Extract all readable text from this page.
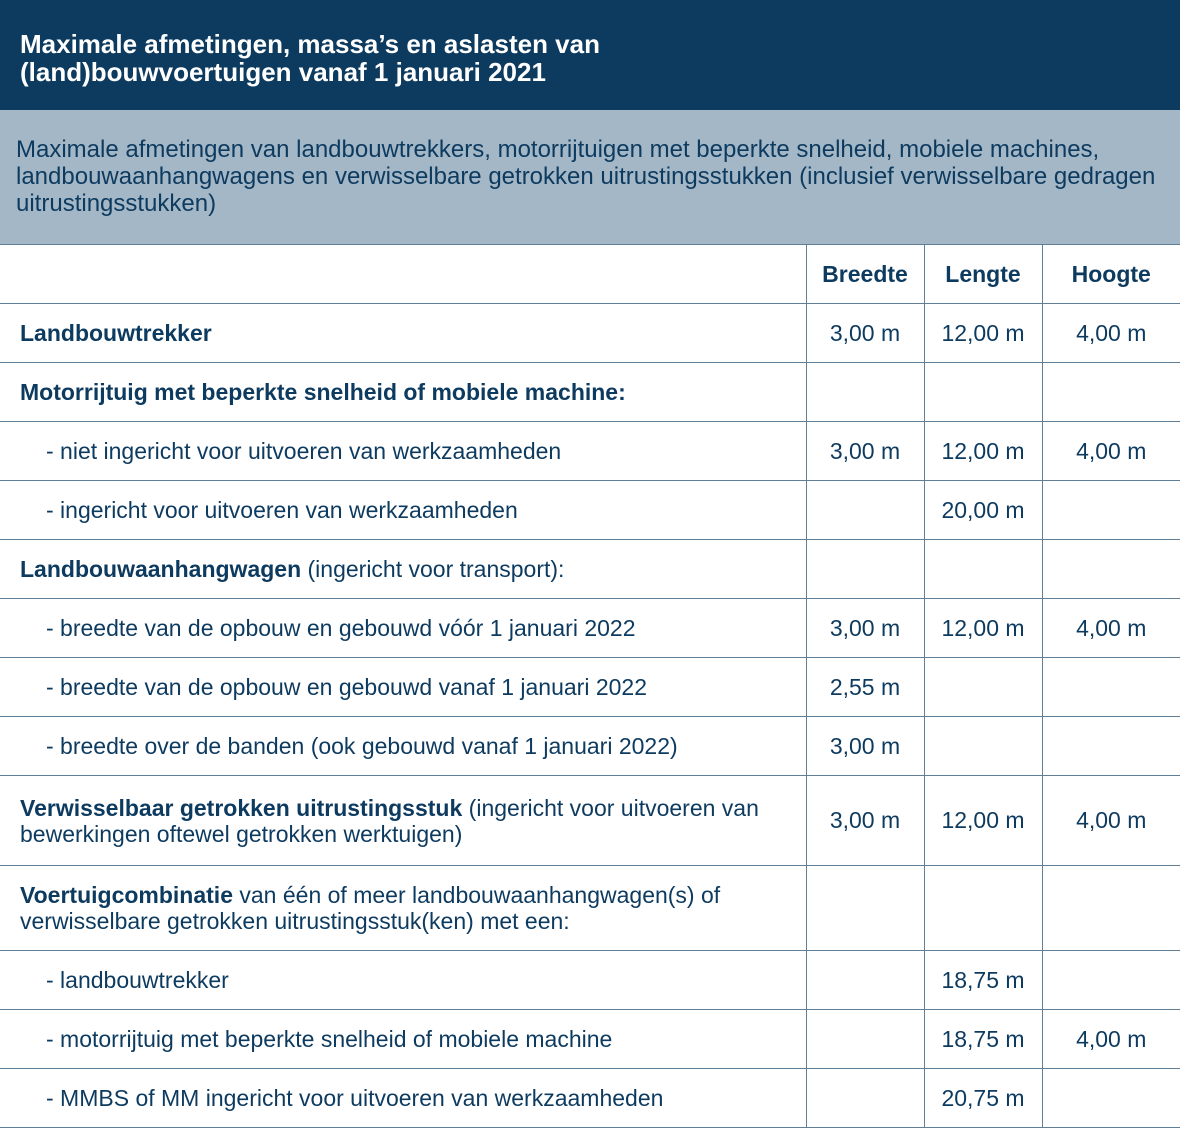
Maximale afmetingen, massa’s en aslasten van
(land)bouwvoertuigen vanaf 1 januari 2021
Maximale afmetingen van landbouwtrekkers, motorrijtuigen met beperkte snelheid, mobiele machines, landbouwaanhangwagens en verwisselbare getrokken uitrustingsstukken (inclusief verwisselbare gedragen uitrustingsstukken)
	Breedte	Lengte	Hoogte
Landbouwtrekker	3,00 m	12,00 m	4,00 m
Motorrijtuig met beperkte snelheid of mobiele machine:			
- niet ingericht voor uitvoeren van werkzaamheden	3,00 m	12,00 m	4,00 m
- ingericht voor uitvoeren van werkzaamheden		20,00 m	
Landbouwaanhangwagen (ingericht voor transport):			
- breedte van de opbouw en gebouwd vóór 1 januari 2022	3,00 m	12,00 m	4,00 m
- breedte van de opbouw en gebouwd vanaf 1 januari 2022	2,55 m		
- breedte over de banden (ook gebouwd vanaf 1 januari 2022)	3,00 m		
Verwisselbaar getrokken uitrustingsstuk (ingericht voor uitvoeren van bewerkingen oftewel getrokken werktuigen)	3,00 m	12,00 m	4,00 m
Voertuigcombinatie van één of meer landbouwaanhangwagen(s) of verwisselbare getrokken uitrustingsstuk(ken) met een:			
- landbouwtrekker		18,75 m	
- motorrijtuig met beperkte snelheid of mobiele machine		18,75 m	4,00 m
- MMBS of MM ingericht voor uitvoeren van werkzaamheden		20,75 m	
